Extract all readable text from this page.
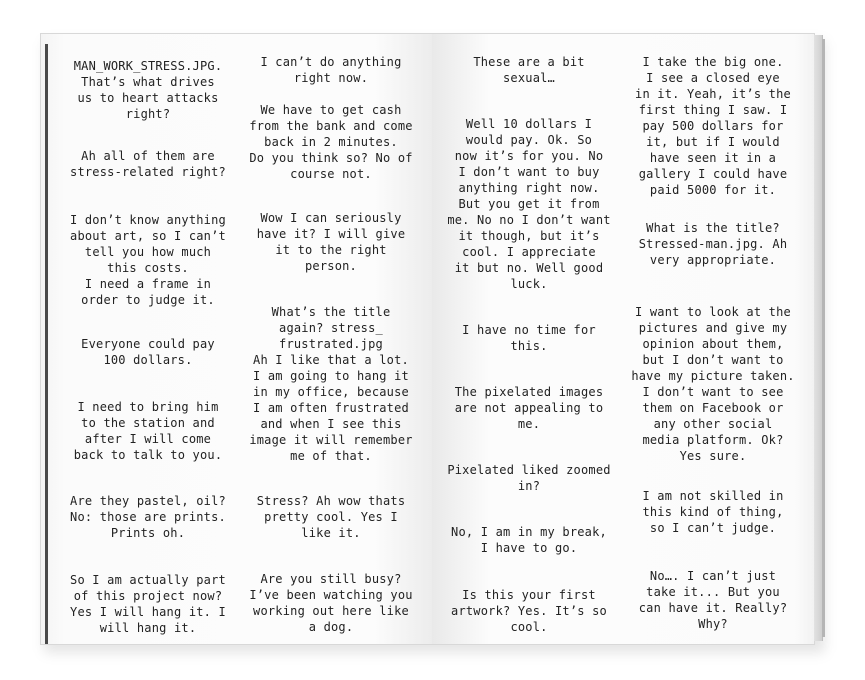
MAN_WORK_STRESS.JPG.
That’s what drives
us to heart attacks
right?
Ah all of them are
stress-related right?
I don’t know anything
about art, so I can’t
tell you how much
this costs.
I need a frame in
order to judge it.
Everyone could pay
100 dollars.
I need to bring him
to the station and
after I will come
back to talk to you.
Are they pastel, oil?
No: those are prints.
Prints oh.
So I am actually part
of this project now?
Yes I will hang it. I
will hang it.
I can’t do anything
right now.
We have to get cash
from the bank and come
back in 2 minutes.
Do you think so? No of
course not.
Wow I can seriously
have it? I will give
it to the right
person.
What’s the title
again? stress_
frustrated.jpg
Ah I like that a lot.
I am going to hang it
in my office, because
I am often frustrated
and when I see this
image it will remember
me of that.
Stress? Ah wow thats
pretty cool. Yes I
like it.
Are you still busy?
I’ve been watching you
working out here like
a dog.
These are a bit
sexual…
Well 10 dollars I
would pay. Ok. So
now it’s for you. No
I don’t want to buy
anything right now.
But you get it from
me. No no I don’t want
it though, but it’s
cool. I appreciate
it but no. Well good
luck.
I have no time for
this.
The pixelated images
are not appealing to
me.
Pixelated liked zoomed
in?
No, I am in my break,
I have to go.
Is this your first
artwork? Yes. It’s so
cool.
I take the big one.
I see a closed eye
in it. Yeah, it’s the
first thing I saw. I
pay 500 dollars for
it, but if I would
have seen it in a
gallery I could have
paid 5000 for it.
What is the title?
Stressed-man.jpg. Ah
very appropriate.
I want to look at the
pictures and give my
opinion about them,
but I don’t want to
have my picture taken.
I don’t want to see
them on Facebook or
any other social
media platform. Ok?
Yes sure.
I am not skilled in
this kind of thing,
so I can’t judge.
No…. I can’t just
take it... But you
can have it. Really?
Why?
